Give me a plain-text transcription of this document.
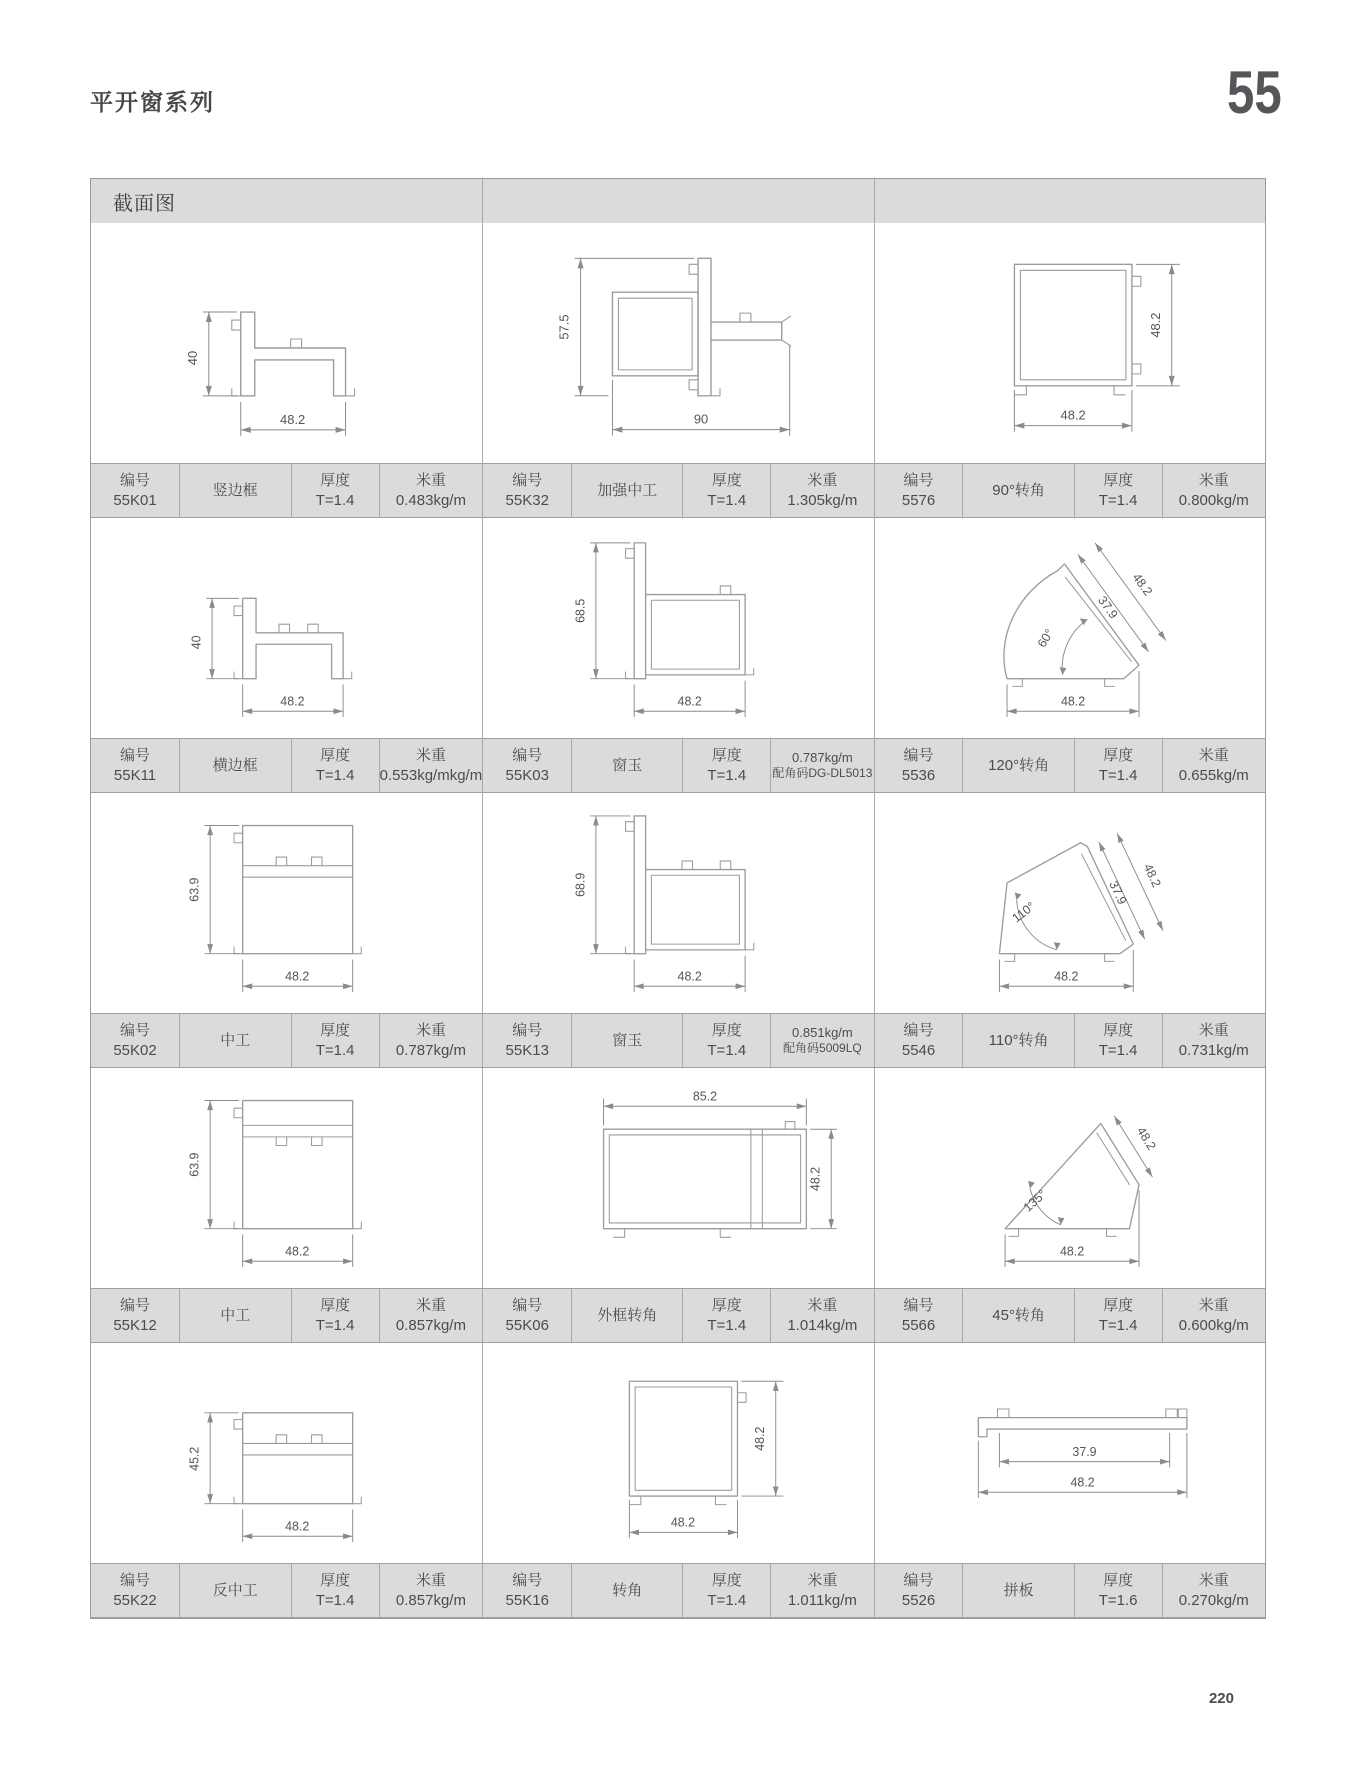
平开窗系列	55
截面图
40
48.2
57.5
90
48.2
48.2
编号
55K01
竖边框
厚度
T=1.4
米重
0.483kg/m
编号
55K32
加强中工
厚度
T=1.4
米重
1.305kg/m
编号
5576
90°转角
厚度
T=1.4
米重
0.800kg/m
40
48.2
68.5
48.2
60°
37.9
48.2
48.2
编号
55K11
横边框
厚度
T=1.4
米重
0.553kg/mkg/m
编号
55K03
窗玉
厚度
T=1.4
0.787kg/m
配角码DG-DL5013
编号
5536
120°转角
厚度
T=1.4
米重
0.655kg/m
63.9
48.2
68.9
48.2
110°
37.9
48.2
48.2
编号
55K02
中工
厚度
T=1.4
米重
0.787kg/m
编号
55K13
窗玉
厚度
T=1.4
0.851kg/m
配角码5009LQ
编号
5546
110°转角
厚度
T=1.4
米重
0.731kg/m
63.9
48.2
85.2
48.2
135°
48.2
48.2
编号
55K12
中工
厚度
T=1.4
米重
0.857kg/m
编号
55K06
外框转角
厚度
T=1.4
米重
1.014kg/m
编号
5566
45°转角
厚度
T=1.4
米重
0.600kg/m
45.2
48.2
48.2
48.2
37.9
48.2
编号
55K22
反中工
厚度
T=1.4
米重
0.857kg/m
编号
55K16
转角
厚度
T=1.4
米重
1.011kg/m
编号
5526
拼板
厚度
T=1.6
米重
0.270kg/m
220
